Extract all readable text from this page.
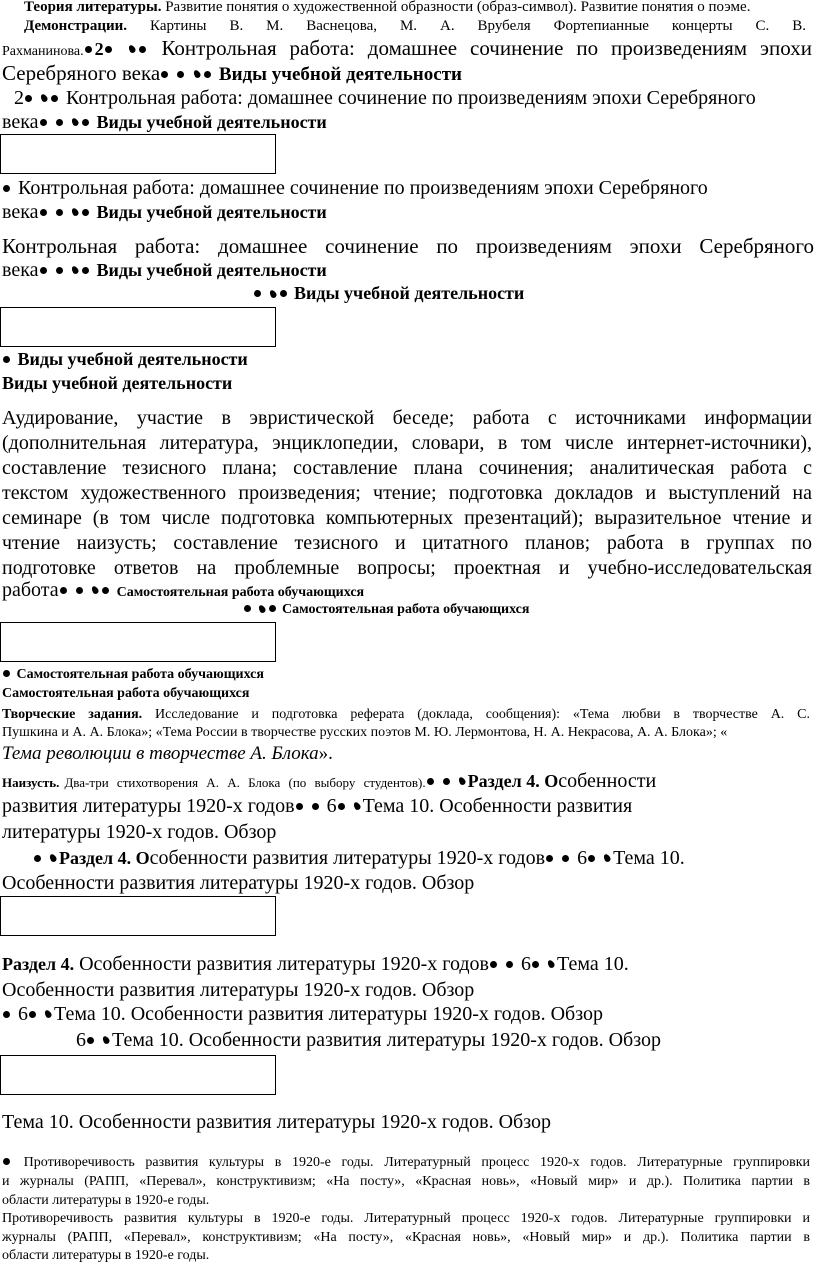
Теория литературы. Развитие понятия о художественной образности (образ-символ). Развитие понятия о поэме.
Демонстрации. Картины В. М. Васнецова, М. А. Врубеля Фортепианные концерты С. В.
Рахманинова. 2	Контрольная работа: домашнее сочинение по произведениям эпохи
Серебряного века	Виды учебной деятельности
2 Контрольная работа: домашнее сочинение по произведениям эпохи Серебряного
века	Виды учебной деятельности
Контрольная работа: домашнее сочинение по произведениям эпохи Серебряного
века	Виды учебной деятельности
Контрольная работа: домашнее сочинение по произведениям эпохи Серебряного
века	Виды учебной деятельности
Виды учебной деятельности
Виды учебной деятельности
Виды учебной деятельности
Аудирование, участие в эвристической беседе; работа с источниками информации
(дополнительная литература, энциклопедии, словари, в том числе интернет-источники),
составление тезисного плана; составление плана сочинения; аналитическая работа с
текстом художественного произведения; чтение; подготовка докладов и выступлений на
семинаре (в том числе подготовка компьютерных презентаций); выразительное чтение и
чтение наизусть; составление тезисного и цитатного планов; работа в группах по
подготовке ответов на проблемные вопросы; проектная и учебно-исследовательская
работа	Самостоятельная работа обучающихся
Самостоятельная работа обучающихся
Самостоятельная работа обучающихся
Самостоятельная работа обучающихся
Творческие задания. Исследование и подготовка реферата (доклада, сообщения): «Тема любви в творчестве А. С.
Пушкина и А. А. Блока»; «Тема России в творчестве русских поэтов М. Ю. Лермонтова, Н. А. Некрасова, А. А. Блока»; «
Тема революции в творчестве А. Блока».
Наизусть. Два-три стихотворения А. А. Блока (по выбору студентов). Раздел 4. Особенности
развития литературы 1920-х годов 6 Тема 10. Особенности развития
литературы 1920-х годов. Обзор
Раздел 4. Особенности развития литературы 1920-х годов 6 Тема 10.
Особенности развития литературы 1920-х годов. Обзор
Раздел 4. Особенности развития литературы 1920-х годов 6 Тема 10.
Особенности развития литературы 1920-х годов. Обзор
6 Тема 10. Особенности развития литературы 1920-х годов. Обзор
6 Тема 10. Особенности развития литературы 1920-х годов. Обзор
Тема 10. Особенности развития литературы 1920-х годов. Обзор
Противоречивость развития культуры в 1920-е годы. Литературный процесс 1920-х годов. Литературные группировки
и журналы (РАПП, «Перевал», конструктивизм; «На посту», «Красная новь», «Новый мир» и др.). Политика партии в
области литературы в 1920-е годы.
Противоречивость развития культуры в 1920-е годы. Литературный процесс 1920-х годов. Литературные группировки и
журналы (РАПП, «Перевал», конструктивизм; «На посту», «Красная новь», «Новый мир» и др.). Политика партии в
области литературы в 1920-е годы.
